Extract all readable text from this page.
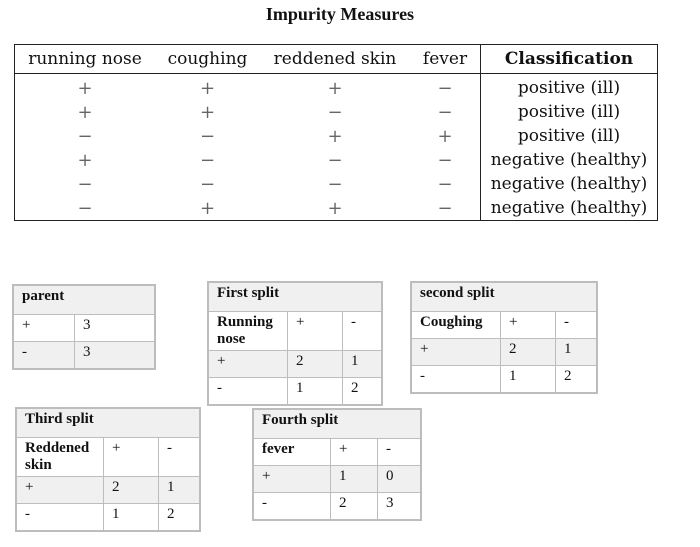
Impurity Measures
running nose	coughing	reddened skin	fever	Classification
+	+	+	−	positive (ill)
+	+	−	−	positive (ill)
−	−	+	+	positive (ill)
+	−	−	−	negative (healthy)
−	−	−	−	negative (healthy)
−	+	+	−	negative (healthy)
parent	
+	3
-	3
First split		
Running nose	+	-
+	2	1
-	1	2
second split		
Coughing	+	-
+	2	1
-	1	2
Third split		
Reddened skin	+	-
+	2	1
-	1	2
Fourth split		
fever	+	-
+	1	0
-	2	3
